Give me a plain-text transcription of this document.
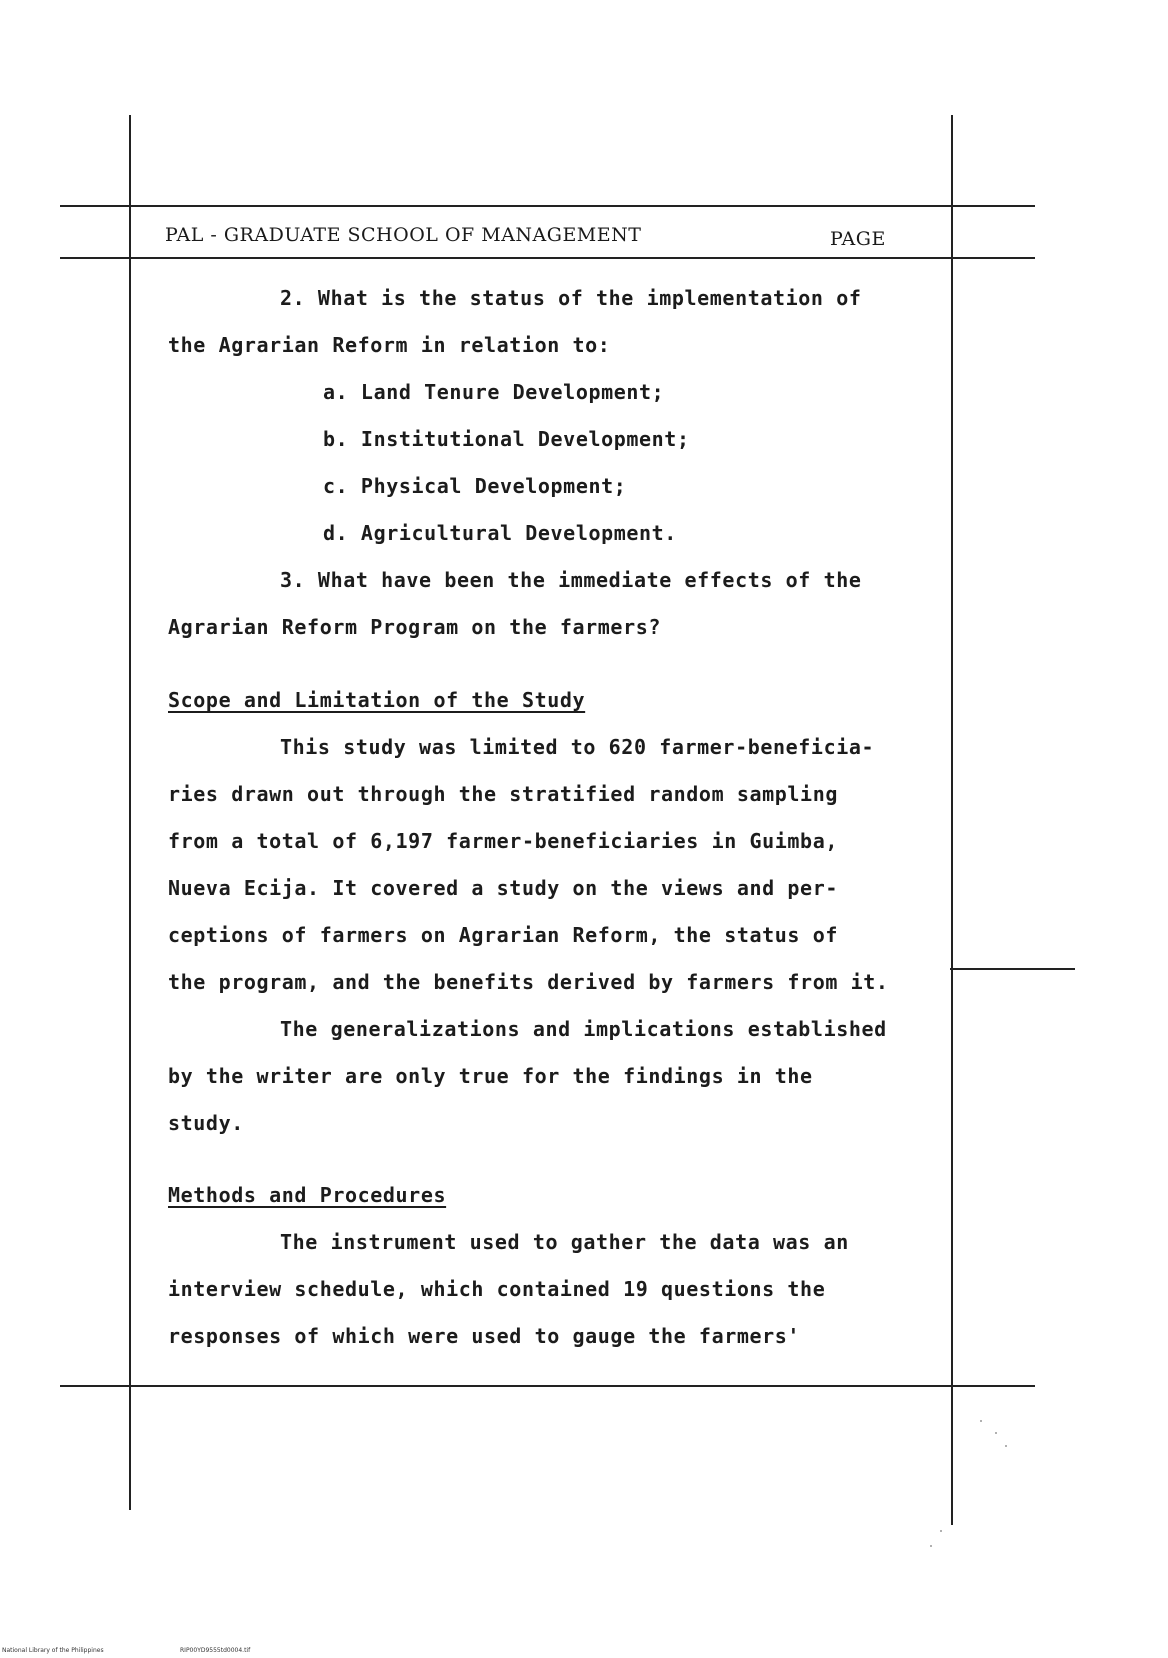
PAL - GRADUATE SCHOOL OF MANAGEMENT	PAGE
2. What is the status of the implementation of
the Agrarian Reform in relation to:
a. Land Tenure Development;
b. Institutional Development;
c. Physical Development;
d. Agricultural Development.
3. What have been the immediate effects of the
Agrarian Reform Program on the farmers?
Scope and Limitation of the Study
This study was limited to 620 farmer-beneficia-
ries drawn out through the stratified random sampling
from a total of 6,197 farmer-beneficiaries in Guimba,
Nueva Ecija. It covered a study on the views and per-
ceptions of farmers on Agrarian Reform, the status of
the program, and the benefits derived by farmers from it.
The generalizations and implications established
by the writer are only true for the findings in the
study.
Methods and Procedures
The instrument used to gather the data was an
interview schedule, which contained 19 questions the
responses of which were used to gauge the farmers'
National Library of the Philippines	RIP00YD9555td0004.tif
